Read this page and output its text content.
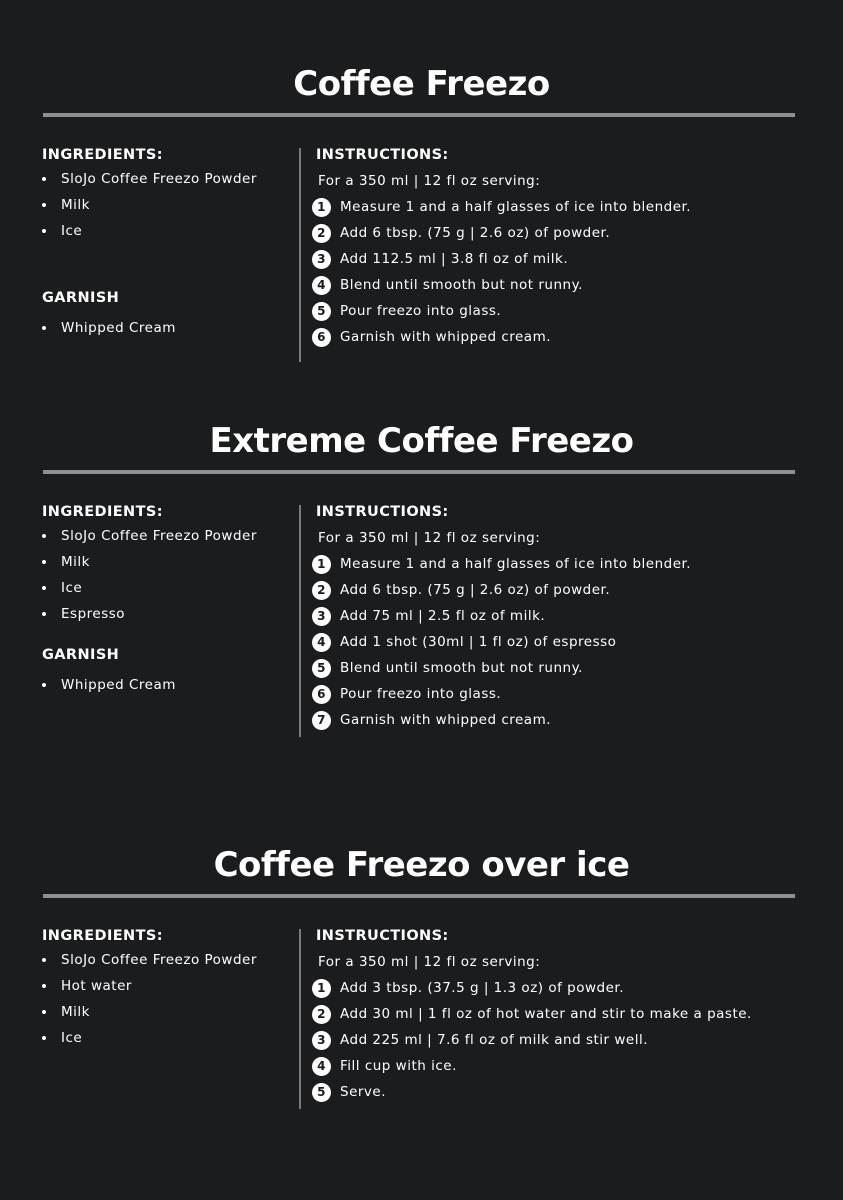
Coffee Freezo
INGREDIENTS:
SloJo Coffee Freezo Powder
Milk
Ice
GARNISH
Whipped Cream
INSTRUCTIONS:
For a 350 ml | 12 fl oz serving:
1	Measure 1 and a half glasses of ice into blender.
2	Add 6 tbsp. (75 g | 2.6 oz) of powder.
3	Add 112.5 ml | 3.8 fl oz of milk.
4	Blend until smooth but not runny.
5	Pour freezo into glass.
6	Garnish with whipped cream.
Extreme Coffee Freezo
INGREDIENTS:
SloJo Coffee Freezo Powder
Milk
Ice
Espresso
GARNISH
Whipped Cream
INSTRUCTIONS:
For a 350 ml | 12 fl oz serving:
1	Measure 1 and a half glasses of ice into blender.
2	Add 6 tbsp. (75 g | 2.6 oz) of powder.
3	Add 75 ml | 2.5 fl oz of milk.
4	Add 1 shot (30ml | 1 fl oz) of espresso
5	Blend until smooth but not runny.
6	Pour freezo into glass.
7	Garnish with whipped cream.
Coffee Freezo over ice
INGREDIENTS:
SloJo Coffee Freezo Powder
Hot water
Milk
Ice
INSTRUCTIONS:
For a 350 ml | 12 fl oz serving:
1	Add 3 tbsp. (37.5 g | 1.3 oz) of powder.
2	Add 30 ml | 1 fl oz of hot water and stir to make a paste.
3	Add 225 ml | 7.6 fl oz of milk and stir well.
4	Fill cup with ice.
5	Serve.
